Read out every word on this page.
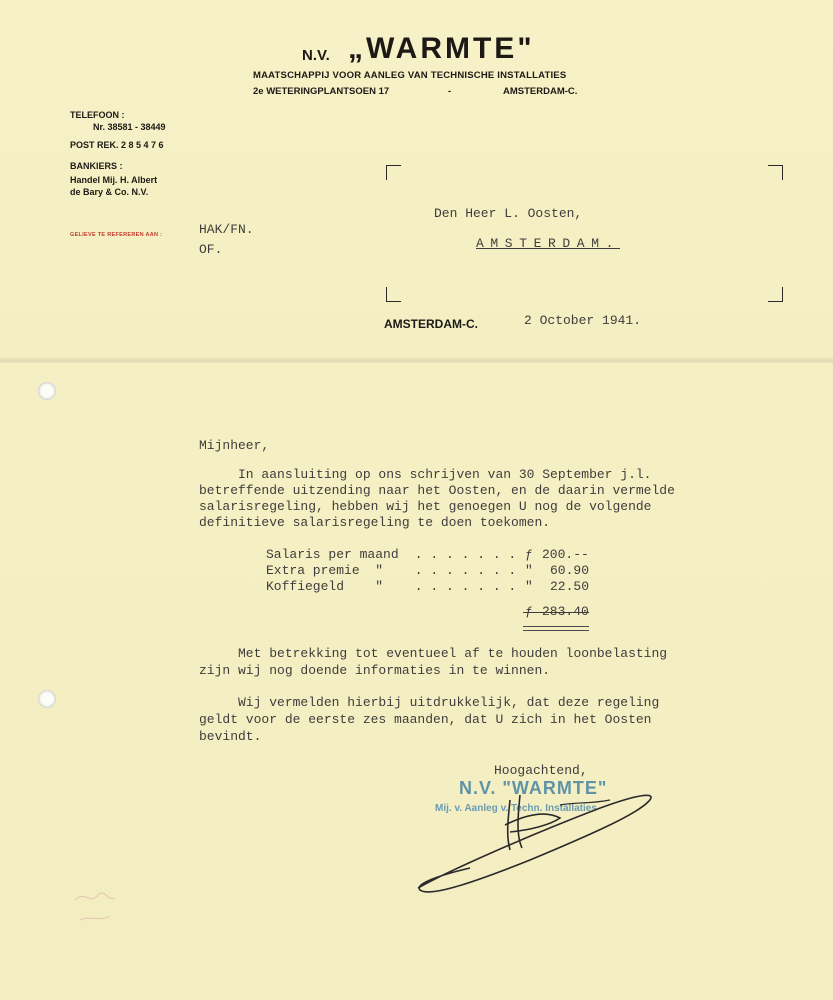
N.V. „WARMTE"
MAATSCHAPPIJ VOOR AANLEG VAN TECHNISCHE INSTALLATIES
2e WETERINGPLANTSOEN 17	-	AMSTERDAM-C.
TELEFOON :
Nr. 38581 - 38449
POST REK. 2 8 5 4 7 6
BANKIERS :
Handel Mij. H. Albert
de Bary & Co. N.V.
GELIEVE TE REFEREREN AAN :	HAK/FN.
OF.
Den Heer L. Oosten,
AMSTERDAM.
AMSTERDAM-C.	2 October 1941.
Mijnheer,
In aansluiting op ons schrijven van 30 September j.l.
betreffende uitzending naar het Oosten, en de daarin vermelde
salarisregeling, hebben wij het genoegen U nog de volgende
definitieve salarisregeling te doen toekomen.
Salaris per maand . . . . . . . ƒ 200.--
Extra premie  " . . . . . . . " 60.90
Koffiegeld    " . . . . . . . " 22.50
ƒ 283.40
Met betrekking tot eventueel af te houden loonbelasting
zijn wij nog doende informaties in te winnen.
Wij vermelden hierbij uitdrukkelijk, dat deze regeling
geldt voor de eerste zes maanden, dat U zich in het Oosten
bevindt.
Hoogachtend,
N.V. "WARMTE"
Mij. v. Aanleg v. Techn. Installaties
